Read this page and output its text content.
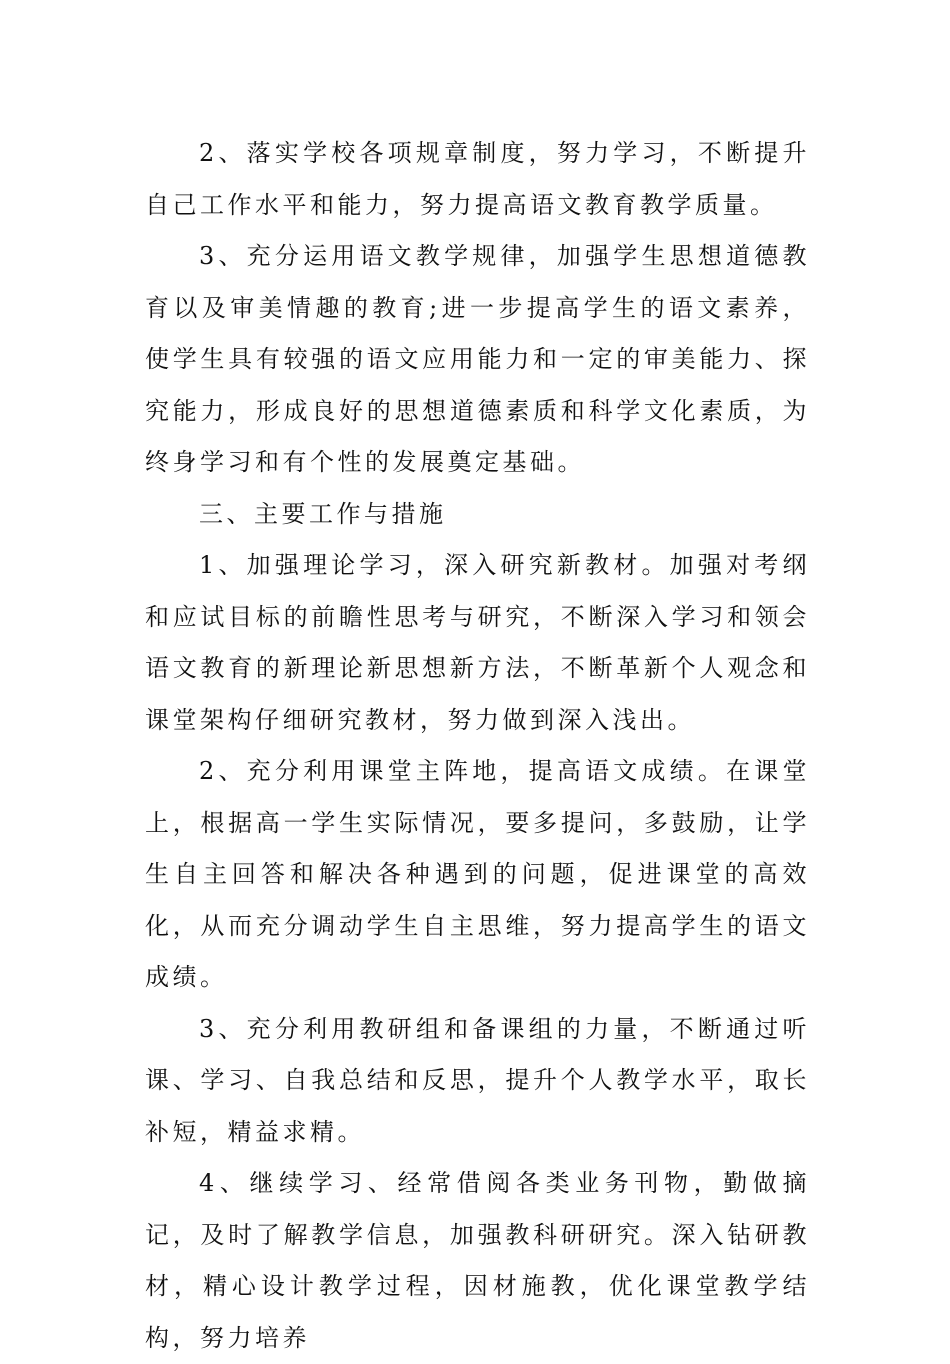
2、落实学校各项规章制度，努力学习，不断提升自己工作水平和能力，努力提高语文教育教学质量。

3、充分运用语文教学规律，加强学生思想道德教育以及审美情趣的教育;进一步提高学生的语文素养，使学生具有较强的语文应用能力和一定的审美能力、探究能力，形成良好的思想道德素质和科学文化素质，为终身学习和有个性的发展奠定基础。

三、主要工作与措施

1、加强理论学习，深入研究新教材。加强对考纲和应试目标的前瞻性思考与研究，不断深入学习和领会语文教育的新理论新思想新方法，不断革新个人观念和课堂架构仔细研究教材，努力做到深入浅出。

2、充分利用课堂主阵地，提高语文成绩。在课堂上，根据高一学生实际情况，要多提问，多鼓励，让学生自主回答和解决各种遇到的问题，促进课堂的高效化，从而充分调动学生自主思维，努力提高学生的语文成绩。

3、充分利用教研组和备课组的力量，不断通过听课、学习、自我总结和反思，提升个人教学水平，取长补短，精益求精。

4、继续学习、经常借阅各类业务刊物，勤做摘记，及时了解教学信息，加强教科研研究。深入钻研教材，精心设计教学过程，因材施教，优化课堂教学结构，努力培养
